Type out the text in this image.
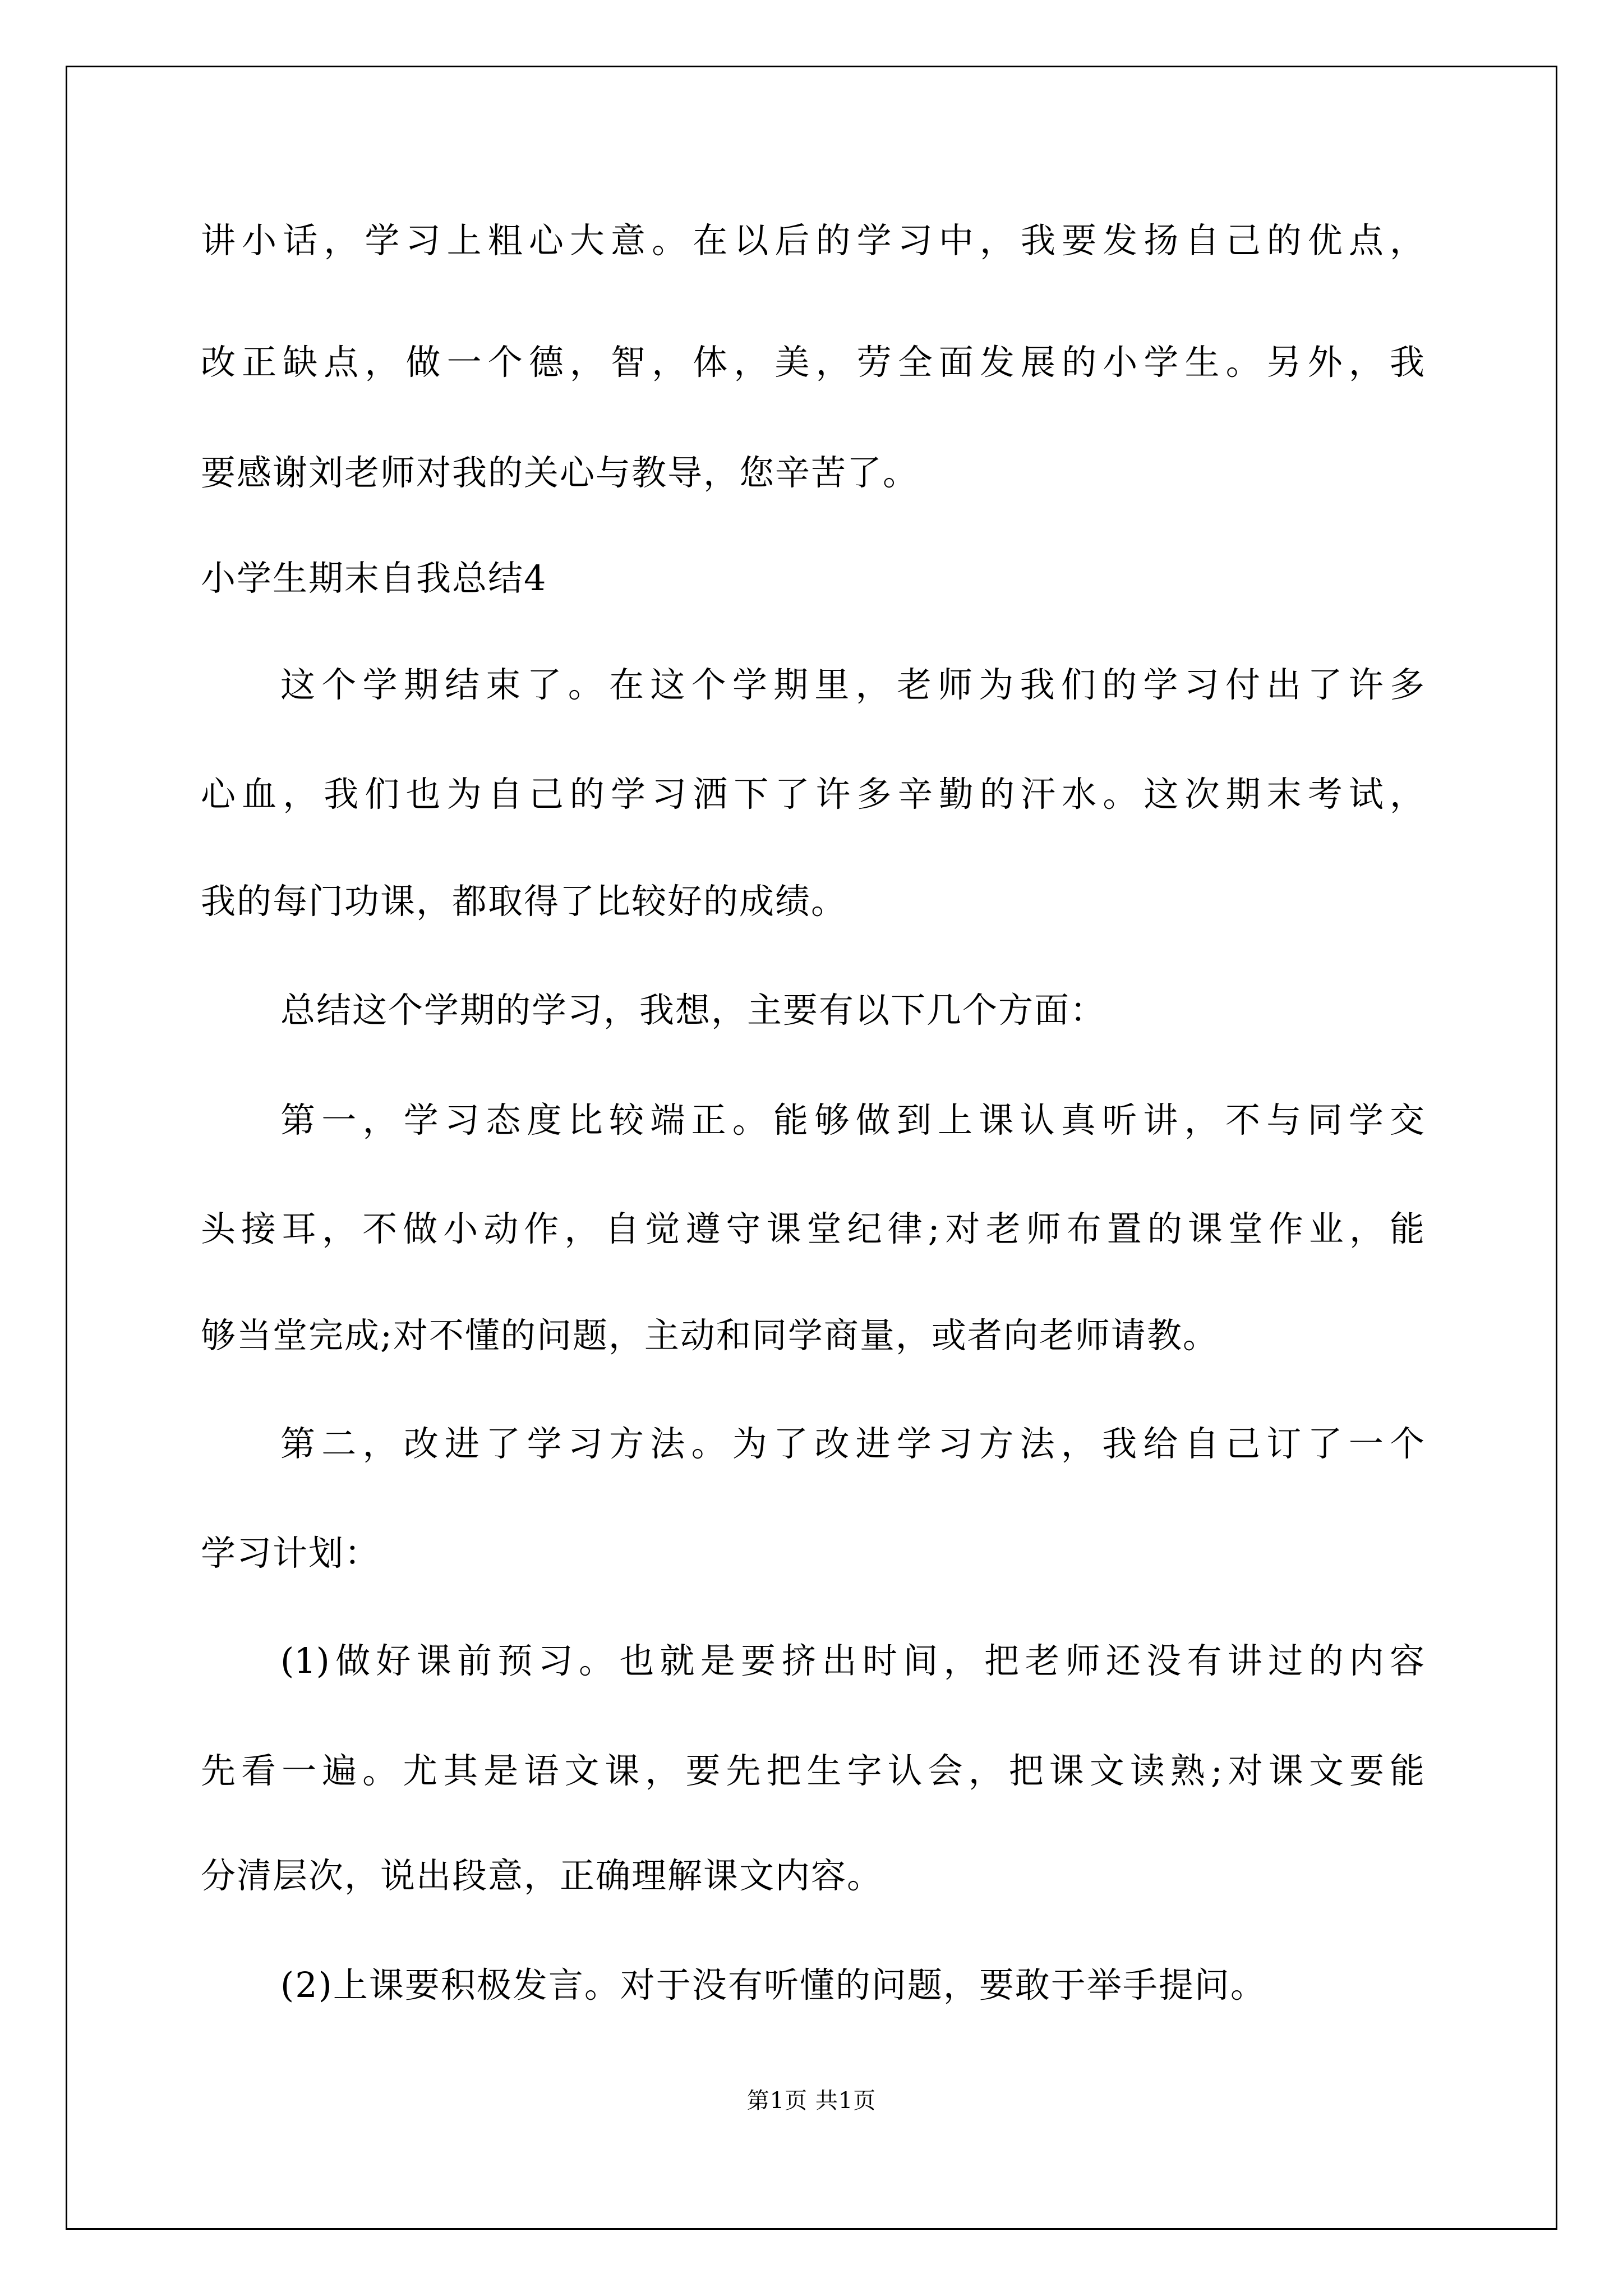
讲小话，学习上粗心大意。在以后的学习中，我要发扬自己的优点，
改正缺点，做一个德，智，体，美，劳全面发展的小学生。另外，我
要感谢刘老师对我的关心与教导，您辛苦了。
小学生期末自我总结4
这个学期结束了。在这个学期里，老师为我们的学习付出了许多
心血，我们也为自己的学习洒下了许多辛勤的汗水。这次期末考试，
我的每门功课，都取得了比较好的成绩。
总结这个学期的学习，我想，主要有以下几个方面：
第一，学习态度比较端正。能够做到上课认真听讲，不与同学交
头接耳，不做小动作，自觉遵守课堂纪律;对老师布置的课堂作业，能
够当堂完成;对不懂的问题，主动和同学商量，或者向老师请教。
第二，改进了学习方法。为了改进学习方法，我给自己订了一个
学习计划：
(1)做好课前预习。也就是要挤出时间，把老师还没有讲过的内容
先看一遍。尤其是语文课，要先把生字认会，把课文读熟;对课文要能
分清层次，说出段意，正确理解课文内容。
(2)上课要积极发言。对于没有听懂的问题，要敢于举手提问。
第1页 共1页
